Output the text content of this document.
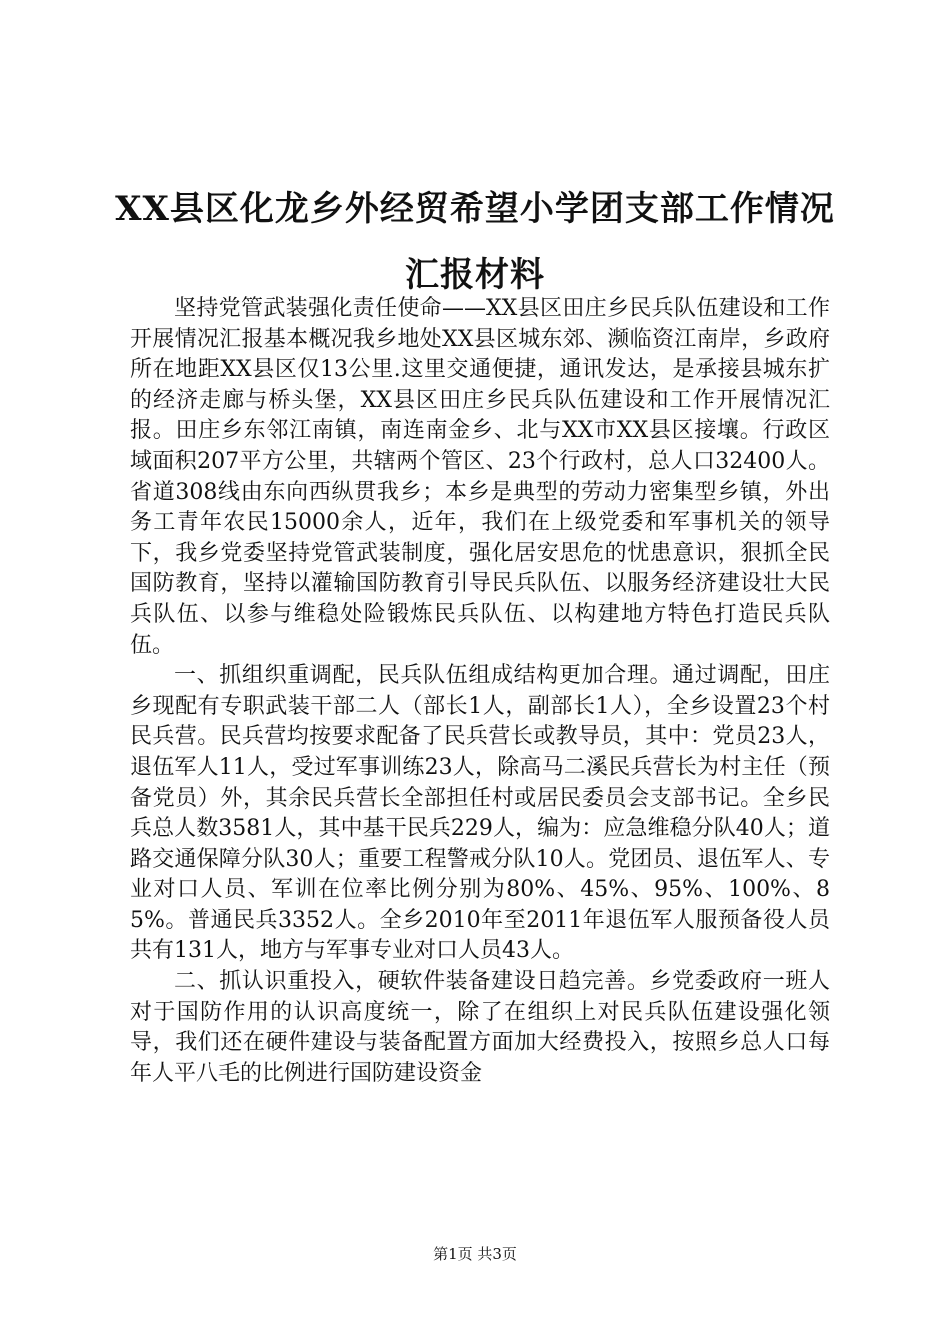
XX县区化龙乡外经贸希望小学团支部工作情况汇报材料

坚持党管武装强化责任使命——XX县区田庄乡民兵队伍建设和工作开展情况汇报基本概况我乡地处XX县区城东郊、濒临资江南岸，乡政府所在地距XX县区仅13公里.这里交通便捷，通讯发达，是承接县城东扩的经济走廊与桥头堡，XX县区田庄乡民兵队伍建设和工作开展情况汇报。田庄乡东邻江南镇，南连南金乡、北与XX市XX县区接壤。行政区域面积207平方公里，共辖两个管区、23个行政村，总人口32400人。省道308线由东向西纵贯我乡；本乡是典型的劳动力密集型乡镇，外出务工青年农民15000余人，近年，我们在上级党委和军事机关的领导下，我乡党委坚持党管武装制度，强化居安思危的忧患意识，狠抓全民国防教育，坚持以灌输国防教育引导民兵队伍、以服务经济建设壮大民兵队伍、以参与维稳处险锻炼民兵队伍、以构建地方特色打造民兵队伍。

一、抓组织重调配，民兵队伍组成结构更加合理。通过调配，田庄乡现配有专职武装干部二人（部长1人，副部长1人），全乡设置23个村民兵营。民兵营均按要求配备了民兵营长或教导员，其中：党员23人，退伍军人11人，受过军事训练23人，除高马二溪民兵营长为村主任（预备党员）外，其余民兵营长全部担任村或居民委员会支部书记。全乡民兵总人数3581人，其中基干民兵229人，编为：应急维稳分队40人；道路交通保障分队30人；重要工程警戒分队10人。党团员、退伍军人、专业对口人员、军训在位率比例分别为80%、45%、95%、100%、85%。普通民兵3352人。全乡2010年至2011年退伍军人服预备役人员共有131人，地方与军事专业对口人员43人。

二、抓认识重投入，硬软件装备建设日趋完善。乡党委政府一班人对于国防作用的认识高度统一，除了在组织上对民兵队伍建设强化领导，我们还在硬件建设与装备配置方面加大经费投入，按照乡总人口每年人平八毛的比例进行国防建设资金

第1页 共3页
